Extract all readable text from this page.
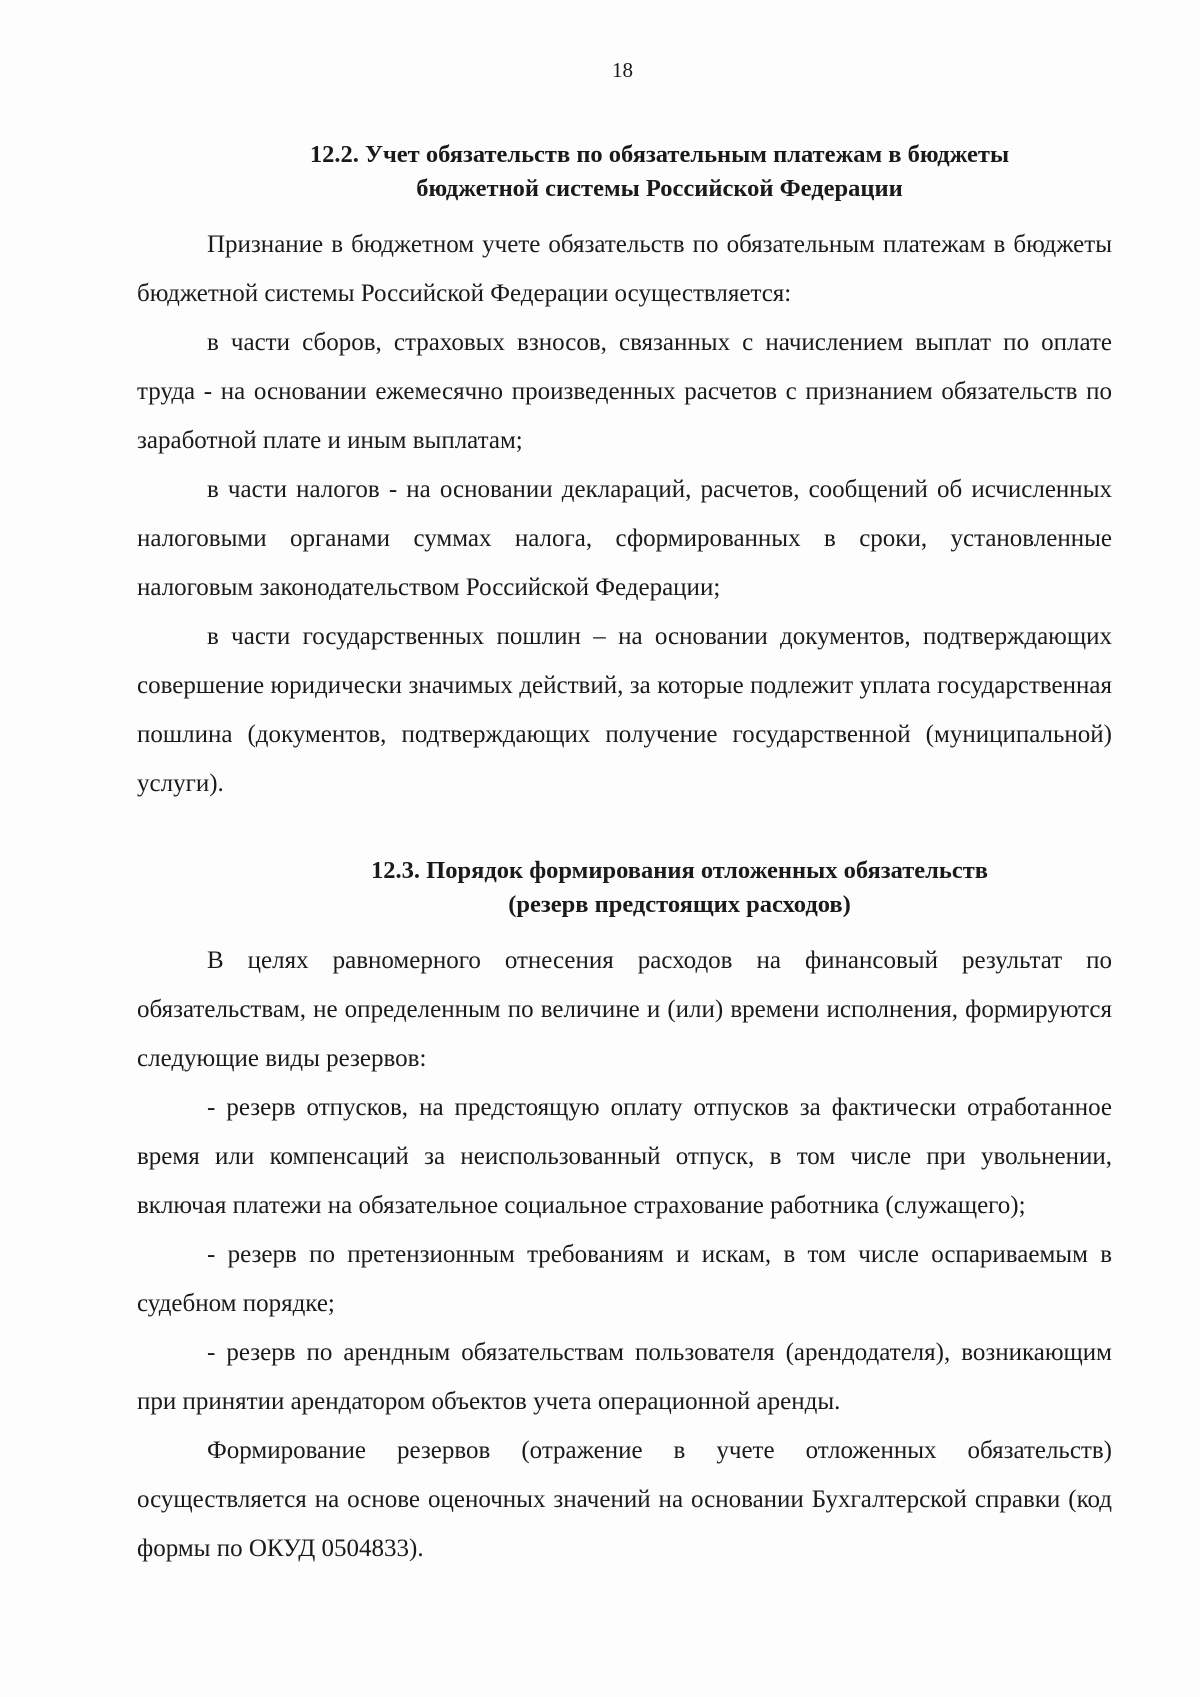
18
12.2. Учет обязательств по обязательным платежам в бюджеты
бюджетной системы Российской Федерации

Признание в бюджетном учете обязательств по обязательным платежам в бюджеты бюджетной системы Российской Федерации осуществляется:

в части сборов, страховых взносов, связанных с начислением выплат по оплате труда - на основании ежемесячно произведенных расчетов с признанием обязательств по заработной плате и иным выплатам;

в части налогов - на основании деклараций, расчетов, сообщений об исчисленных налоговыми органами суммах налога, сформированных в сроки, установленные налоговым законодательством Российской Федерации;

в части государственных пошлин – на основании документов, подтверждающих совершение юридически значимых действий, за которые подлежит уплата государственная пошлина (документов, подтверждающих получение государственной (муниципальной) услуги).

12.3. Порядок формирования отложенных обязательств
(резерв предстоящих расходов)

В целях равномерного отнесения расходов на финансовый результат по обязательствам, не определенным по величине и (или) времени исполнения, формируются следующие виды резервов:

- резерв отпусков, на предстоящую оплату отпусков за фактически отработанное время или компенсаций за неиспользованный отпуск, в том числе при увольнении, включая платежи на обязательное социальное страхование работника (служащего);

- резерв по претензионным требованиям и искам, в том числе оспариваемым в судебном порядке;

- резерв по арендным обязательствам пользователя (арендодателя), возникающим при принятии арендатором объектов учета операционной аренды.

Формирование резервов (отражение в учете отложенных обязательств) осуществляется на основе оценочных значений на основании Бухгалтерской справки (код формы по ОКУД 0504833).
